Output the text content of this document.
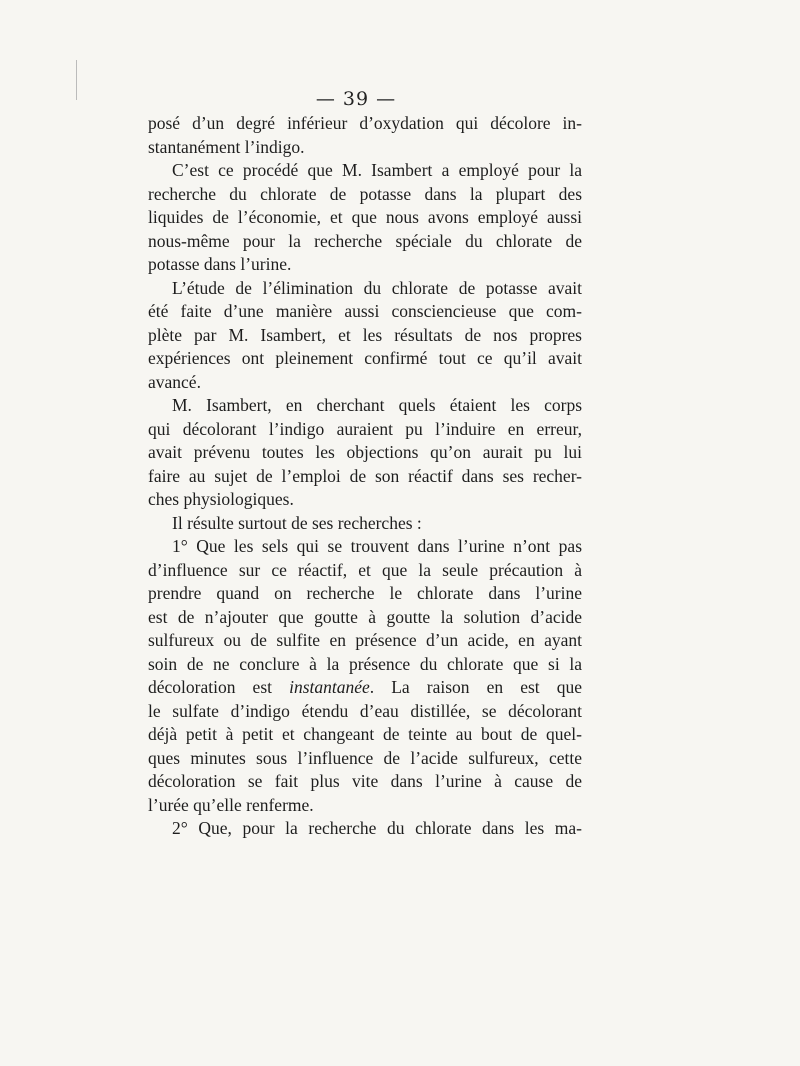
— 39 —
posé d’un degré inférieur d’oxydation qui décolore in-
stantanément l’indigo.
C’est ce procédé que M. Isambert a employé pour la
recherche du chlorate de potasse dans la plupart des
liquides de l’économie, et que nous avons employé aussi
nous-même pour la recherche spéciale du chlorate de
potasse dans l’urine.
L’étude de l’élimination du chlorate de potasse avait
été faite d’une manière aussi consciencieuse que com-
plète par M. Isambert, et les résultats de nos propres
expériences ont pleinement confirmé tout ce qu’il avait
avancé.
M. Isambert, en cherchant quels étaient les corps
qui décolorant l’indigo auraient pu l’induire en erreur,
avait prévenu toutes les objections qu’on aurait pu lui
faire au sujet de l’emploi de son réactif dans ses recher-
ches physiologiques.
Il résulte surtout de ses recherches :
1° Que les sels qui se trouvent dans l’urine n’ont pas
d’influence sur ce réactif, et que la seule précaution à
prendre quand on recherche le chlorate dans l’urine
est de n’ajouter que goutte à goutte la solution d’acide
sulfureux ou de sulfite en présence d’un acide, en ayant
soin de ne conclure à la présence du chlorate que si la
décoloration est instantanée. La raison en est que
le sulfate d’indigo étendu d’eau distillée, se décolorant
déjà petit à petit et changeant de teinte au bout de quel-
ques minutes sous l’influence de l’acide sulfureux, cette
décoloration se fait plus vite dans l’urine à cause de
l’urée qu’elle renferme.
2° Que, pour la recherche du chlorate dans les ma-
